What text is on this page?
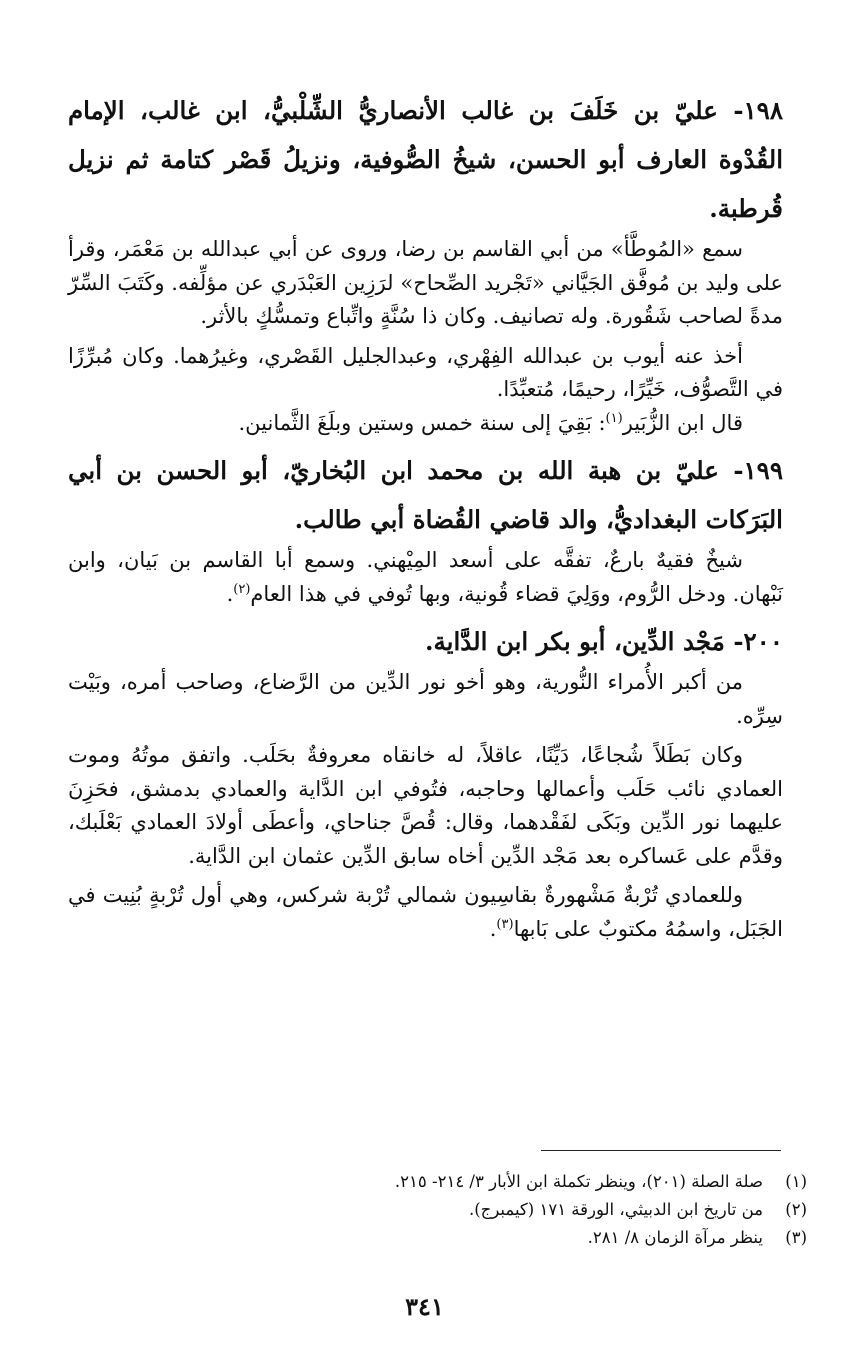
١٩٨- عليّ بن خَلَفَ بن غالب الأنصاريُّ الشِّلْبيُّ، ابن غالب، الإمام القُدْوة العارف أبو الحسن، شيخُ الصُّوفية، ونزيلُ قَصْر كتامة ثم نزيل قُرطبة.

سمع «المُوطَّأ» من أبي القاسم بن رضا، وروى عن أبي عبدالله بن مَعْمَر، وقرأ على وليد بن مُوفَّق الجَيَّاني «تَجْريد الصِّحاح» لرَزِين العَبْدَري عن مؤلِّفه. وكَتَبَ السِّرّ مدةً لصاحب شَقُورة. وله تصانيف. وكان ذا سُنَّةٍ واتِّباع وتمسُّكٍ بالأثر.

أخذ عنه أيوب بن عبدالله الفِهْري، وعبدالجليل القَصْري، وغيرُهما. وكان مُبرِّزًا في التَّصوُّف، خَيِّرًا، رحيمًا، مُتعبِّدًا.

قال ابن الزُّبَير$^{(١)}$: بَقِيَ إلى سنة خمس وستين وبلَغَ الثَّمانين.

١٩٩- عليّ بن هبة الله بن محمد ابن البُخاريّ، أبو الحسن بن أبي البَرَكات البغداديُّ، والد قاضي القُضاة أبي طالب.

شيخٌ فقيهٌ بارعٌ، تفقَّه على أسعد المِيْهني. وسمع أبا القاسم بن بَيان، وابن نَبْهان. ودخل الرُّوم، ووَلِيَ قضاء قُونية، وبها تُوفي في هذا العام$^{(٢)}$.

٢٠٠- مَجْد الدِّين، أبو بكر ابن الدَّاية.

من أكبر الأُمراء النُّورية، وهو أخو نور الدِّين من الرَّضاع، وصاحب أمره، وبَيْت سِرِّه.

وكان بَطَلاً شُجاعًا، دَيِّنًا، عاقلاً، له خانقاه معروفةٌ بحَلَب. واتفق موتُهُ وموت العمادي نائب حَلَب وأعمالها وحاجبه، فتُوفي ابن الدَّاية والعمادي بدمشق، فحَزِنَ عليهما نور الدِّين وبَكَى لفَقْدهما، وقال: قُصَّ جناحاي، وأعطَى أولادَ العمادي بَعْلَبك، وقدَّم على عَساكره بعد مَجْد الدِّين أخاه سابق الدِّين عثمان ابن الدَّاية.

وللعمادي تُرْبةٌ مَشْهورةٌ بقاسِيون شمالي تُرْبة شركس، وهي أول تُرْبةٍ بُنِيت في الجَبَل، واسمُهُ مكتوبٌ على بَابها$^{(٣)}$.

(١)
صلة الصلة (٢٠١)، وينظر تكملة ابن الأبار ٣/ ٢١٤- ٢١٥.

(٢)
من تاريخ ابن الدبيثي، الورقة ١٧١ (كيمبرج).

(٣)
ينظر مرآة الزمان ٨/ ٢٨١.

٣٤١
